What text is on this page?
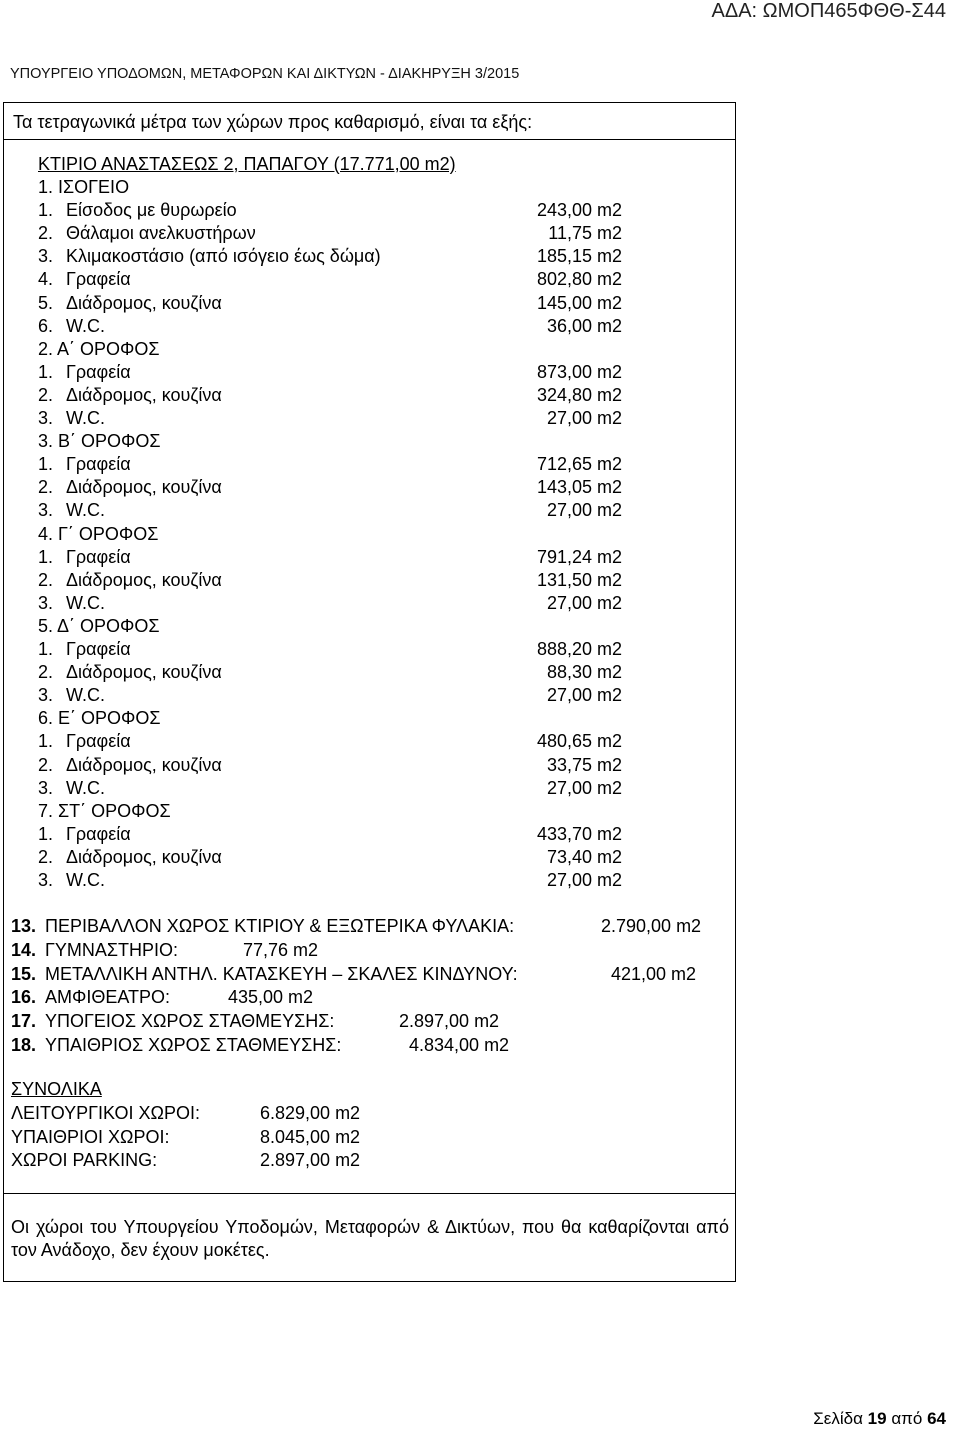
ΑΔΑ: ΩΜΟΠ465ΦΘΘ-Σ44
ΥΠΟΥΡΓΕΙΟ ΥΠΟΔΟΜΩΝ, ΜΕΤΑΦΟΡΩΝ ΚΑΙ ΔΙΚΤΥΩΝ - ΔΙΑΚΗΡΥΞΗ 3/2015
Τα τετραγωνικά μέτρα των χώρων προς καθαρισμό, είναι τα εξής:
ΚΤΙΡΙΟ ΑΝΑΣΤΑΣΕΩΣ 2, ΠΑΠΑΓΟΥ (17.771,00 m2)
1. ΙΣΟΓΕΙΟ
1. Είσοδος με θυρωρείο	243,00 m2
2. Θάλαμοι ανελκυστήρων	11,75 m2
3. Κλιμακοστάσιο (από ισόγειο έως δώμα)	185,15 m2
4. Γραφεία	802,80 m2
5. Διάδρομος, κουζίνα	145,00 m2
6. W.C.	36,00 m2
2. Α΄ ΟΡΟΦΟΣ
1. Γραφεία	873,00 m2
2. Διάδρομος, κουζίνα	324,80 m2
3. W.C.	27,00 m2
3. Β΄ ΟΡΟΦΟΣ
1. Γραφεία	712,65 m2
2. Διάδρομος, κουζίνα	143,05 m2
3. W.C.	27,00 m2
4. Γ΄ ΟΡΟΦΟΣ
1. Γραφεία	791,24 m2
2. Διάδρομος, κουζίνα	131,50 m2
3. W.C.	27,00 m2
5. Δ΄ ΟΡΟΦΟΣ
1. Γραφεία	888,20 m2
2. Διάδρομος, κουζίνα	88,30 m2
3. W.C.	27,00 m2
6. Ε΄ ΟΡΟΦΟΣ
1. Γραφεία	480,65 m2
2. Διάδρομος, κουζίνα	33,75 m2
3. W.C.	27,00 m2
7. ΣΤ΄ ΟΡΟΦΟΣ
1. Γραφεία	433,70 m2
2. Διάδρομος, κουζίνα	73,40 m2
3. W.C.	27,00 m2
13. ΠΕΡΙΒΑΛΛΟΝ ΧΩΡΟΣ ΚΤΙΡΙΟΥ & ΕΞΩΤΕΡΙΚΑ ΦΥΛΑΚΙΑ:	2.790,00 m2
14. ΓΥΜΝΑΣΤΗΡΙΟ:	77,76 m2
15. ΜΕΤΑΛΛΙΚΗ ΑΝΤΗΛ. ΚΑΤΑΣΚΕΥΗ – ΣΚΑΛΕΣ ΚΙΝΔΥΝΟΥ:	421,00 m2
16. ΑΜΦΙΘΕΑΤΡΟ:	435,00 m2
17. ΥΠΟΓΕΙΟΣ ΧΩΡΟΣ ΣΤΑΘΜΕΥΣΗΣ:	2.897,00 m2
18. ΥΠΑΙΘΡΙΟΣ ΧΩΡΟΣ ΣΤΑΘΜΕΥΣΗΣ:	4.834,00 m2
ΣΥΝΟΛΙΚΑ
ΛΕΙΤΟΥΡΓΙΚΟΙ ΧΩΡΟΙ:	6.829,00 m2
ΥΠΑΙΘΡΙΟΙ ΧΩΡΟΙ:	8.045,00 m2
ΧΩΡΟΙ PARKING:	2.897,00 m2
Οι χώροι του Υπουργείου Υποδομών, Μεταφορών & Δικτύων, που θα καθαρίζονται από τον Ανάδοχο, δεν έχουν μοκέτες.
Σελίδα 19 από 64
